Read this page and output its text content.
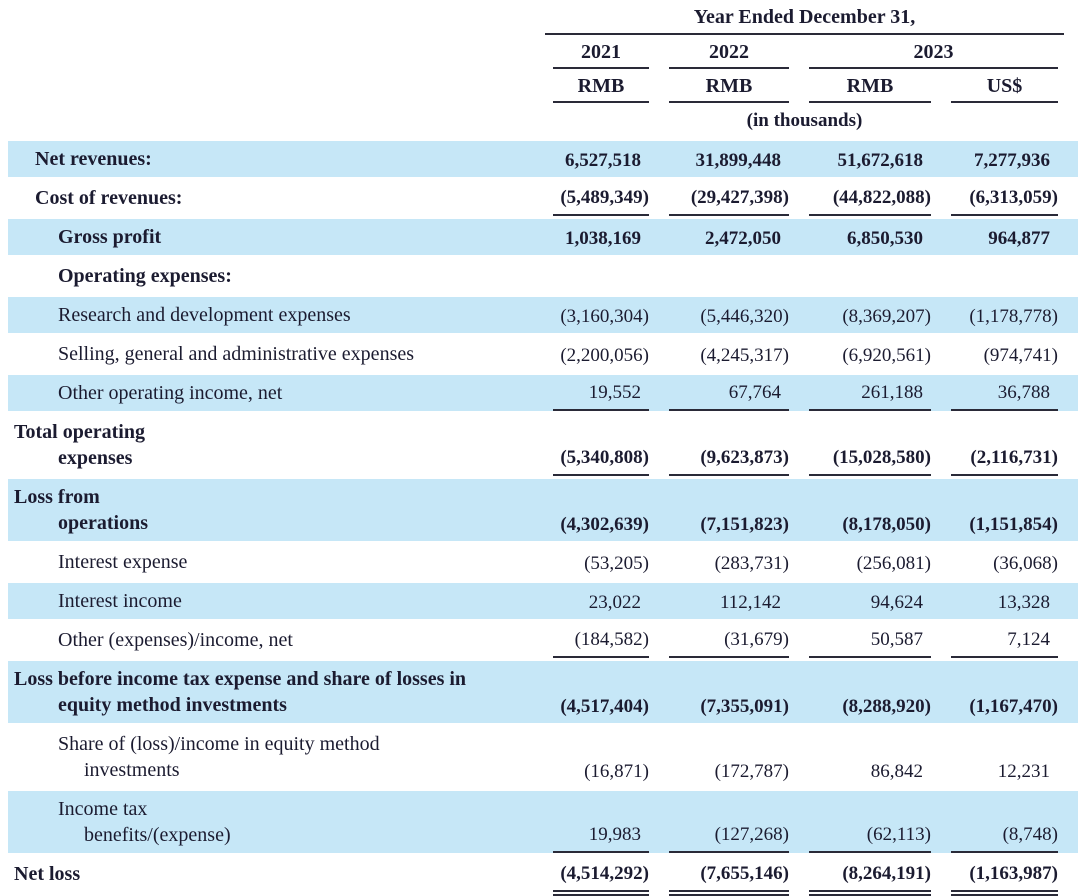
Year Ended December 31,
2021	2022	2023
RMB	RMB	RMB	US$
(in thousands)
Net revenues:	6,527,518	31,899,448	51,672,618	7,277,936
Cost of revenues:	(5,489,349) (29,427,398) (44,822,088) (6,313,059)
Gross profit	1,038,169	2,472,050	6,850,530	964,877
Operating expenses:
Research and development expenses	(3,160,304)	(5,446,320)	(8,369,207) (1,178,778)
Selling, general and administrative expenses	(2,200,056)	(4,245,317)	(6,920,561)	(974,741)
Other operating income, net	19,552	67,764	261,188	36,788
Total operating
expenses	(5,340,808)	(9,623,873) (15,028,580) (2,116,731)
Loss from
operations	(4,302,639)	(7,151,823)	(8,178,050) (1,151,854)
Interest expense	(53,205)	(283,731)	(256,081)	(36,068)
Interest income	23,022	112,142	94,624	13,328
Other (expenses)/income, net	(184,582)	(31,679)	50,587	7,124
Loss before income tax expense and share of losses in
equity method investments	(4,517,404)	(7,355,091)	(8,288,920) (1,167,470)
Share of (loss)/income in equity method
investments	(16,871)	(172,787)	86,842	12,231
Income tax
benefits/(expense)	19,983	(127,268)	(62,113)	(8,748)
Net loss	(4,514,292)	(7,655,146)	(8,264,191) (1,163,987)
